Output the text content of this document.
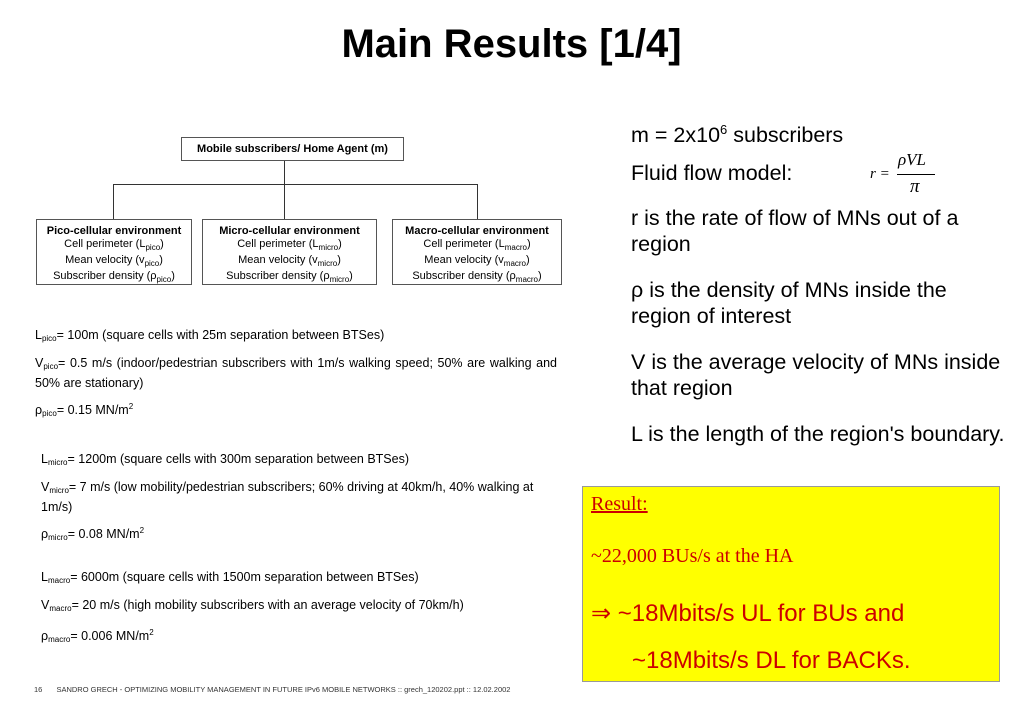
Main Results [1/4]
Mobile subscribers/ Home Agent (m)
Pico-cellular environment
Cell perimeter $(L_{pico})$
Mean velocity $(v_{pico})$
Subscriber density $(\rho_{pico})$
Micro-cellular environment
Cell perimeter $(L_{micro})$
Mean velocity $(v_{micro})$
Subscriber density $(\rho_{micro})$
Macro-cellular environment
Cell perimeter $(L_{macro})$
Mean velocity $(v_{macro})$
Subscriber density $(\rho_{macro})$
$L_{pico}= 100m$ (square cells with 25m separation between BTSes)
$V_{pico}= 0.5$ m/s (indoor/pedestrian subscribers with 1m/s walking speed; 50% are walking and 50% are stationary)
$\rho_{pico}= 0.15$ $MN/m^2$
$L_{micro}= 1200m$ (square cells with 300m separation between BTSes)
$V_{micro}= 7$ m/s (low mobility/pedestrian subscribers; 60% driving at 40km/h, 40% walking at 1m/s)
$\rho_{micro}= 0.08$ $MN/m^2$
$L_{macro}= 6000m$ (square cells with 1500m separation between BTSes)
$V_{macro}= 20$ m/s (high mobility subscribers with an average velocity of 70km/h)
$\rho_{macro}= 0.006$ $MN/m^2$
$m = 2x10^6$ subscribers
Fluid flow model:	r =
ρVL
π
r is the rate of flow of MNs out of a region
ρ is the density of MNs inside the region of interest
V is the average velocity of MNs inside that region
L is the length of the region's boundary.
Result:
~22,000 BUs/s at the HA
⇒ ~18Mbits/s UL for BUs and
~18Mbits/s DL for BACKs.
16 SANDRO GRECH - OPTIMIZING MOBILITY MANAGEMENT IN FUTURE IPv6 MOBILE NETWORKS :: grech_120202.ppt :: 12.02.2002
